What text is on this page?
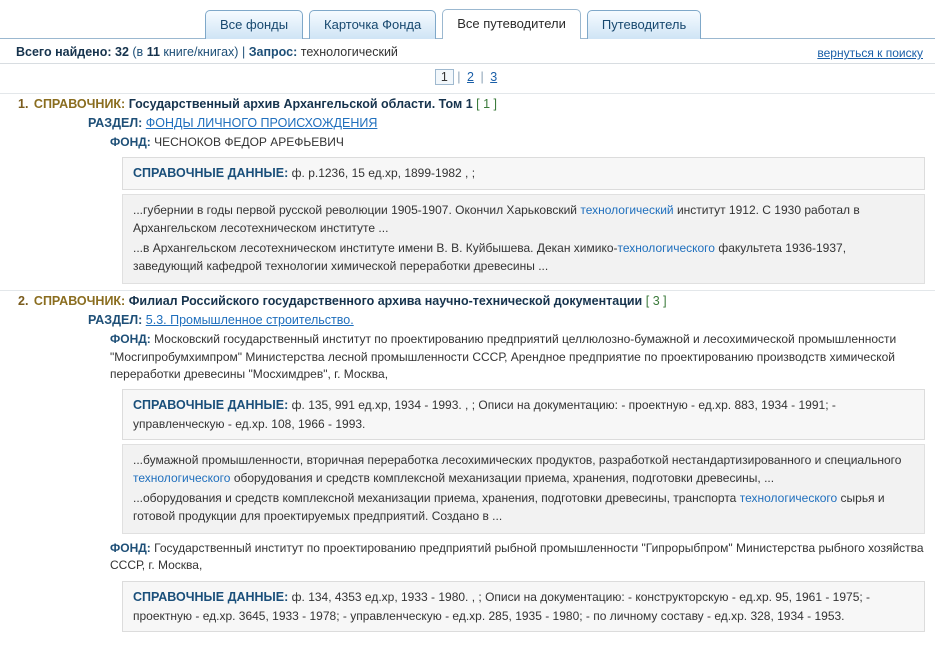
Все фонды	Карточка Фонда	Все путеводители	Путеводитель
Всего найдено: 32 (в 11 книге/книгах) | Запрос: технологический	вернуться к поиску
1 | 2 | 3
1. СПРАВОЧНИК: Государственный архив Архангельской области. Том 1 [ 1 ]
РАЗДЕЛ: ФОНДЫ ЛИЧНОГО ПРОИСХОЖДЕНИЯ
ФОНД: ЧЕСНОКОВ ФЕДОР АРЕФЬЕВИЧ
СПРАВОЧНЫЕ ДАННЫЕ: ф. р.1236, 15 ед.хр, 1899-1982 , ;
...губернии в годы первой русской революции 1905-1907. Окончил Харьковский технологический институт 1912. С 1930 работал в Архангельском лесотехническом институте ...
...в Архангельском лесотехническом институте имени В. В. Куйбышева. Декан химико-технологического факультета 1936-1937, заведующий кафедрой технологии химической переработки древесины ...
2. СПРАВОЧНИК: Филиал Российского государственного архива научно-технической документации [ 3 ]
РАЗДЕЛ: 5.3. Промышленное строительство.
ФОНД: Московский государственный институт по проектированию предприятий целлюлозно-бумажной и лесохимической промышленности "Мосгипробумхимпром" Министерства лесной промышленности СССР, Арендное предприятие по проектированию производств химической переработки древесины "Мосхимдрев", г. Москва,
СПРАВОЧНЫЕ ДАННЫЕ: ф. 135, 991 ед.хр, 1934 - 1993. , ; Описи на документацию: - проектную - ед.хр. 883, 1934 - 1991; - управленческую - ед.хр. 108, 1966 - 1993.
...бумажной промышленности, вторичная переработка лесохимических продуктов, разработкой нестандартизированного и специального технологического оборудования и средств комплексной механизации приема, хранения, подготовки древесины, ...
...оборудования и средств комплексной механизации приема, хранения, подготовки древесины, транспорта технологического сырья и готовой продукции для проектируемых предприятий. Создано в ...
ФОНД: Государственный институт по проектированию предприятий рыбной промышленности "Гипрорыбпром" Министерства рыбного хозяйства СССР, г. Москва,
СПРАВОЧНЫЕ ДАННЫЕ: ф. 134, 4353 ед.хр, 1933 - 1980. , ; Описи на документацию: - конструкторскую - ед.хр. 95, 1961 - 1975; - проектную - ед.хр. 3645, 1933 - 1978; - управленческую - ед.хр. 285, 1935 - 1980; - по личному составу - ед.хр. 328, 1934 - 1953.
